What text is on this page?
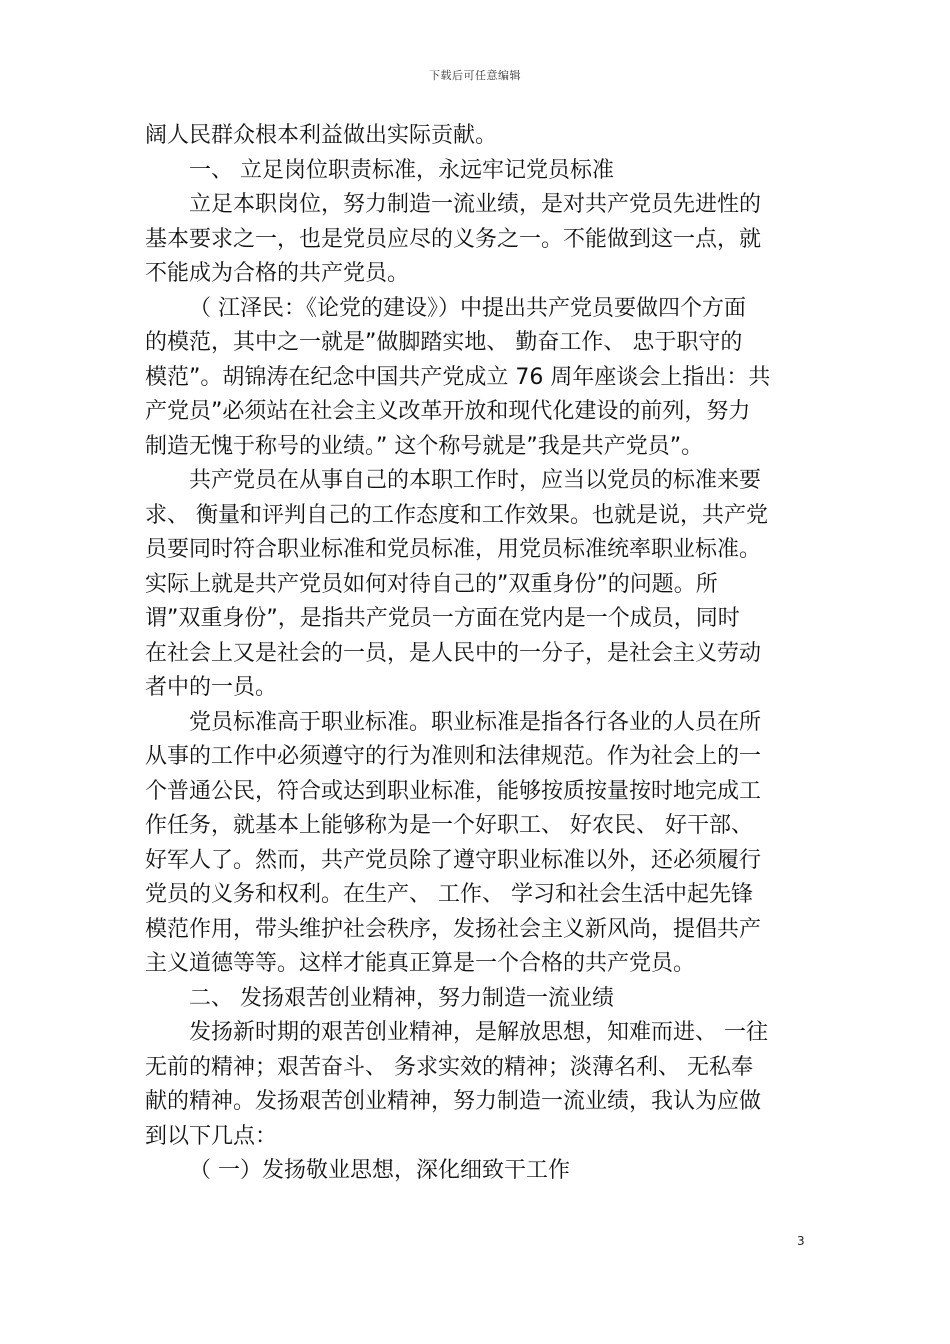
下载后可任意编辑
阔人民群众根本利益做出实际贡献。
一、 立足岗位职责标准，永远牢记党员标准
立足本职岗位，努力制造一流业绩，是对共产党员先进性的
基本要求之一，也是党员应尽的义务之一。不能做到这一点，就
不能成为合格的共产党员。
（ 江泽民：《论党的建设》）中提出共产党员要做四个方面
的模范，其中之一就是”做脚踏实地、 勤奋工作、 忠于职守的
模范”。胡锦涛在纪念中国共产党成立 76 周年座谈会上指出：共
产党员”必须站在社会主义改革开放和现代化建设的前列，努力
制造无愧于称号的业绩。” 这个称号就是”我是共产党员”。
共产党员在从事自己的本职工作时，应当以党员的标准来要
求、 衡量和评判自己的工作态度和工作效果。也就是说，共产党
员要同时符合职业标准和党员标准，用党员标准统率职业标准。
实际上就是共产党员如何对待自己的”双重身份”的问题。所
谓”双重身份”，是指共产党员一方面在党内是一个成员，同时
在社会上又是社会的一员，是人民中的一分子，是社会主义劳动
者中的一员。
党员标准高于职业标准。职业标准是指各行各业的人员在所
从事的工作中必须遵守的行为准则和法律规范。作为社会上的一
个普通公民，符合或达到职业标准，能够按质按量按时地完成工
作任务，就基本上能够称为是一个好职工、 好农民、 好干部、
好军人了。然而，共产党员除了遵守职业标准以外，还必须履行
党员的义务和权利。在生产、 工作、 学习和社会生活中起先锋
模范作用，带头维护社会秩序，发扬社会主义新风尚，提倡共产
主义道德等等。这样才能真正算是一个合格的共产党员。
二、 发扬艰苦创业精神，努力制造一流业绩
发扬新时期的艰苦创业精神，是解放思想，知难而进、 一往
无前的精神；艰苦奋斗、 务求实效的精神；淡薄名利、 无私奉
献的精神。发扬艰苦创业精神，努力制造一流业绩，我认为应做
到以下几点：
（ 一）发扬敬业思想，深化细致干工作
3
